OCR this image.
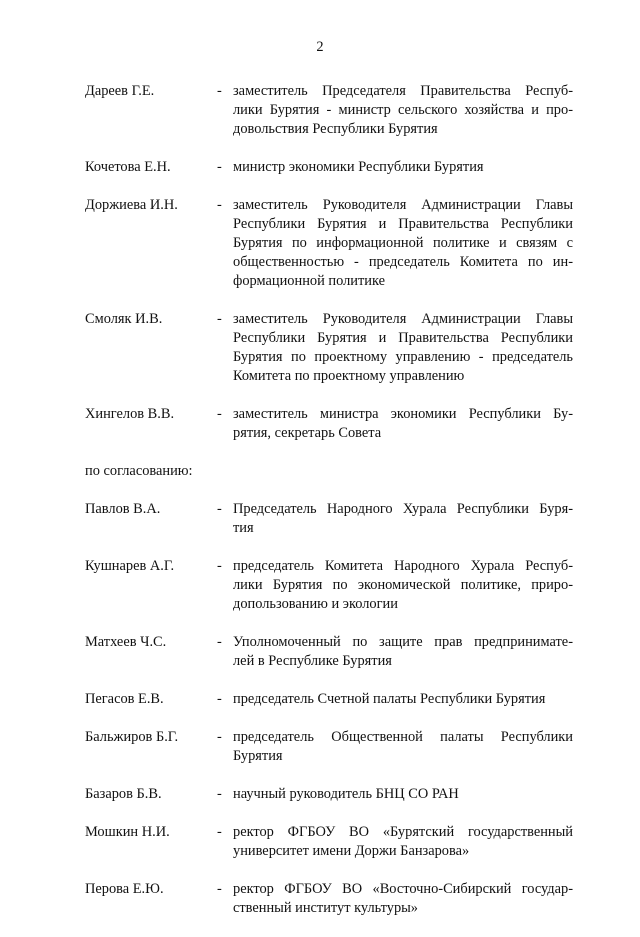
2
Дареев Г.Е.	- заместитель Председателя Правительства Респуб-
лики Бурятия - министр сельского хозяйства и про-
довольствия Республики Бурятия
Кочетова Е.Н.	- министр экономики Республики Бурятия
Доржиева И.Н.	- заместитель Руководителя Администрации Главы
Республики Бурятия и Правительства Республики
Бурятия по информационной политике и связям с
общественностью - председатель Комитета по ин-
формационной политике
Смоляк И.В.	- заместитель Руководителя Администрации Главы
Республики Бурятия и Правительства Республики
Бурятия по проектному управлению - председатель
Комитета по проектному управлению
Хингелов В.В.	- заместитель министра экономики Республики Бу-
рятия, секретарь Совета
по согласованию:
Павлов В.А.	- Председатель Народного Хурала Республики Буря-
тия
Кушнарев А.Г.	- председатель Комитета Народного Хурала Респуб-
лики Бурятия по экономической политике, приро-
допользованию и экологии
Матхеев Ч.С.	- Уполномоченный по защите прав предпринимате-
лей в Республике Бурятия
Пегасов Е.В.	- председатель Счетной палаты Республики Бурятия
Бальжиров Б.Г.	- председатель Общественной палаты Республики
Бурятия
Базаров Б.В.	- научный руководитель БНЦ СО РАН
Мошкин Н.И.	- ректор ФГБОУ ВО «Бурятский государственный
университет имени Доржи Банзарова»
Перова Е.Ю.	- ректор ФГБОУ ВО «Восточно-Сибирский государ-
ственный институт культуры»
